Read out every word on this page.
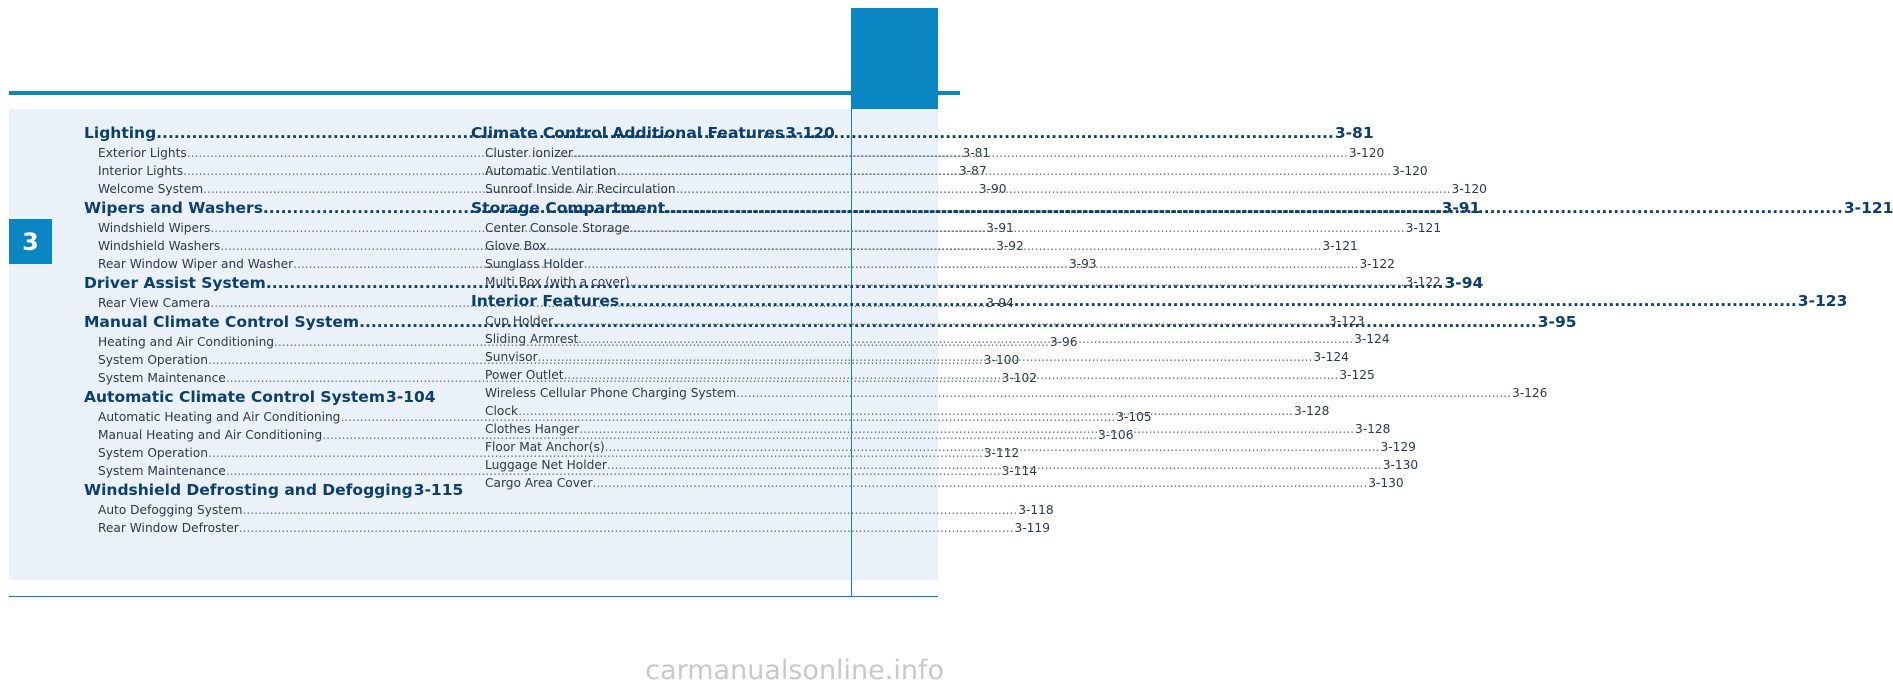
3
Lighting .....	3-81
Exterior Lights .....	3-81
Interior Lights .....	3-87
Welcome System .....	3-90
Wipers and Washers .....	3-91
Windshield Wipers .....	3-91
Windshield Washers .....	3-92
Rear Window Wiper and Washer .....	3-93
Driver Assist System .....	3-94
Rear View Camera .....	3-94
Manual Climate Control System .....	3-95
Heating and Air Conditioning .....	3-96
System Operation .....	3-100
System Maintenance .....	3-102
Automatic Climate Control System 3-104
Automatic Heating and Air Conditioning .....	3-105
Manual Heating and Air Conditioning .....	3-106
System Operation .....	3-112
System Maintenance .....	3-114
Windshield Defrosting and Defogging 3-115
Auto Defogging System .....	3-118
Rear Window Defroster .....	3-119
Climate Control Additional Features 3-120
Cluster ionizer .....	3-120
Automatic Ventilation .....	3-120
Sunroof Inside Air Recirculation .....	3-120
Storage Compartment .....	3-121
Center Console Storage .....	3-121
Glove Box .....	3-121
Sunglass Holder .....	3-122
Multi Box (with a cover) .....	3-122
Interior Features .....	3-123
Cup Holder .....	3-123
Sliding Armrest .....	3-124
Sunvisor .....	3-124
Power Outlet .....	3-125
Wireless Cellular Phone Charging System .....	3-126
Clock .....	3-128
Clothes Hanger .....	3-128
Floor Mat Anchor(s) .....	3-129
Luggage Net Holder .....	3-130
Cargo Area Cover .....	3-130
carmanualsonline.info
